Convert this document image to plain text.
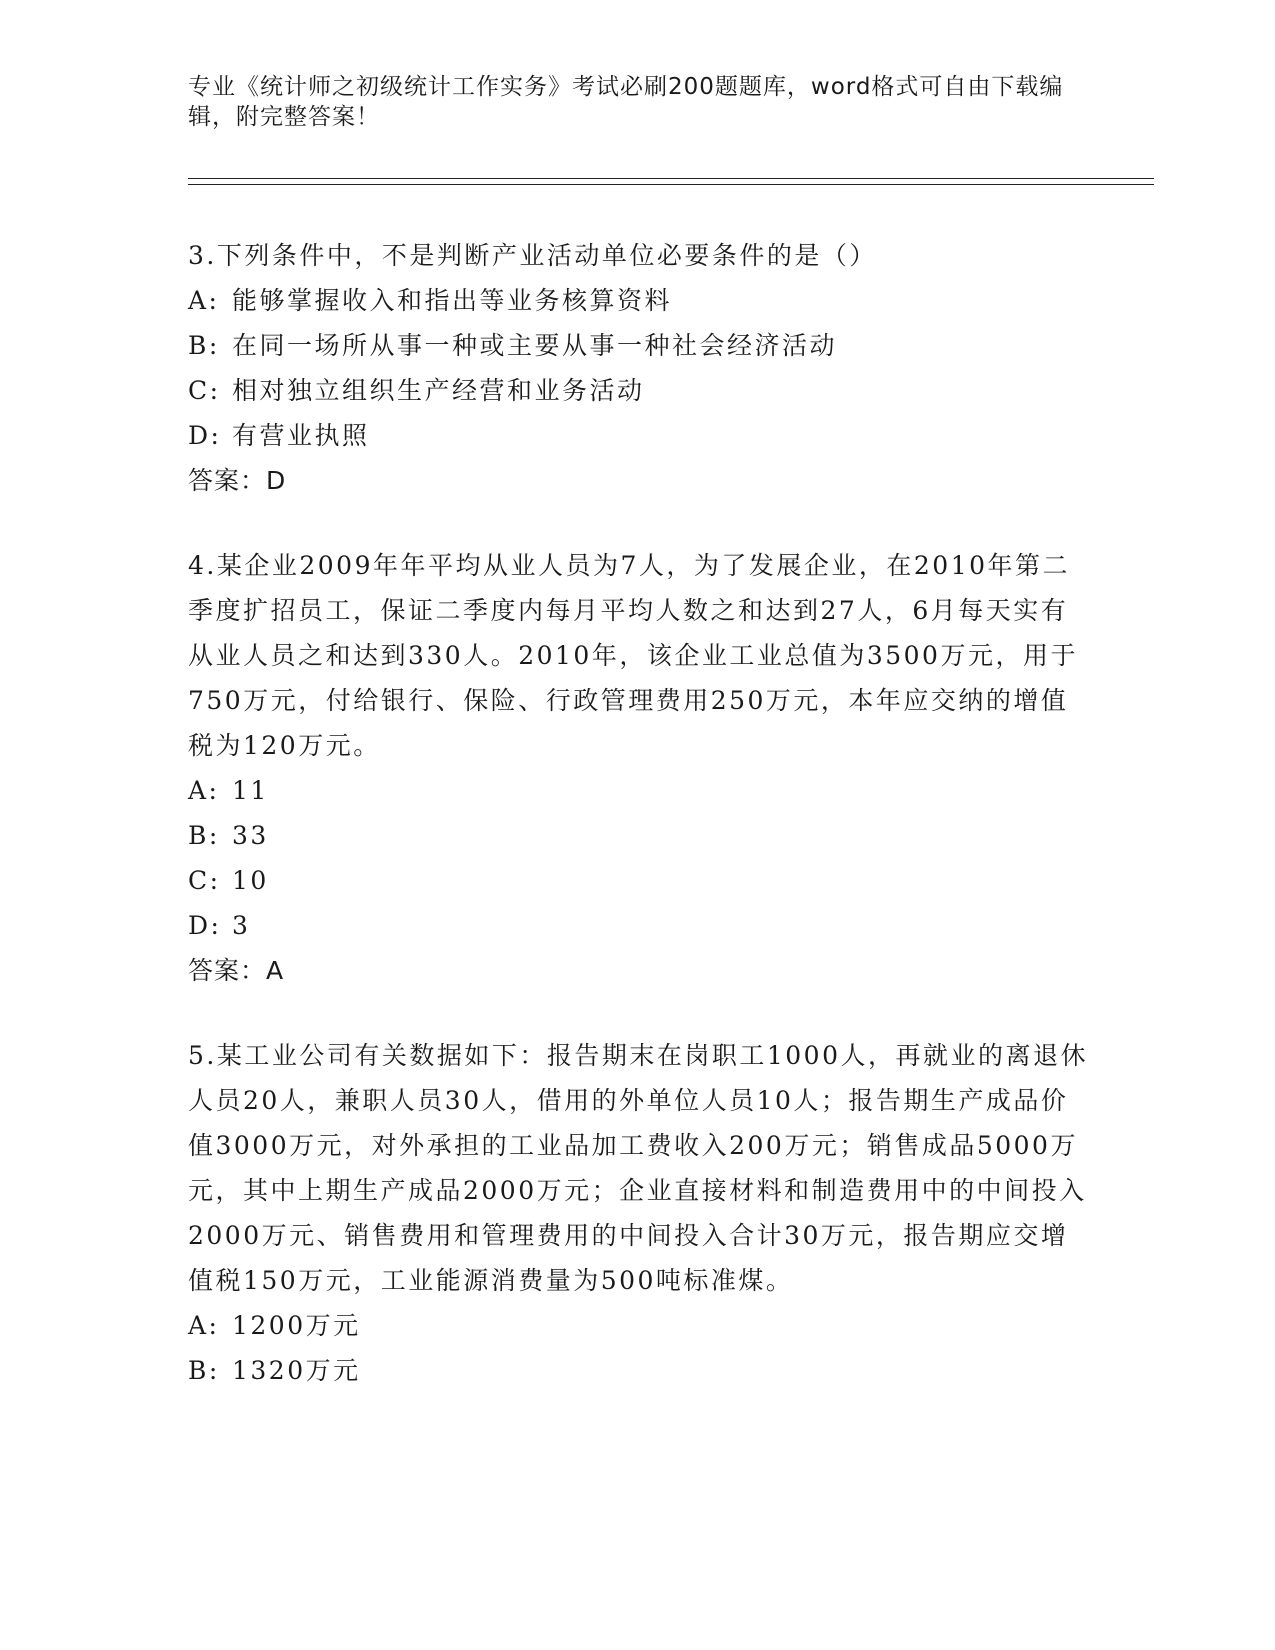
专业《统计师之初级统计工作实务》考试必刷200题题库，word格式可自由下载编辑，附完整答案！

3.下列条件中，不是判断产业活动单位必要条件的是（）

A: 能够掌握收入和指出等业务核算资料

B: 在同一场所从事一种或主要从事一种社会经济活动

C: 相对独立组织生产经营和业务活动

D: 有营业执照

答案：D

4.某企业2009年年平均从业人员为7人，为了发展企业，在2010年第二季度扩招员工，保证二季度内每月平均人数之和达到27人，6月每天实有从业人员之和达到330人。2010年，该企业工业总值为3500万元，用于750万元，付给银行、保险、行政管理费用250万元，本年应交纳的增值税为120万元。

A: 11

B: 33

C: 10

D: 3

答案：A

5.某工业公司有关数据如下：报告期末在岗职工1000人，再就业的离退休人员20人，兼职人员30人，借用的外单位人员10人；报告期生产成品价值3000万元，对外承担的工业品加工费收入200万元；销售成品5000万元，其中上期生产成品2000万元；企业直接材料和制造费用中的中间投入2000万元、销售费用和管理费用的中间投入合计30万元，报告期应交增值税150万元，工业能源消费量为500吨标准煤。

A: 1200万元

B: 1320万元
